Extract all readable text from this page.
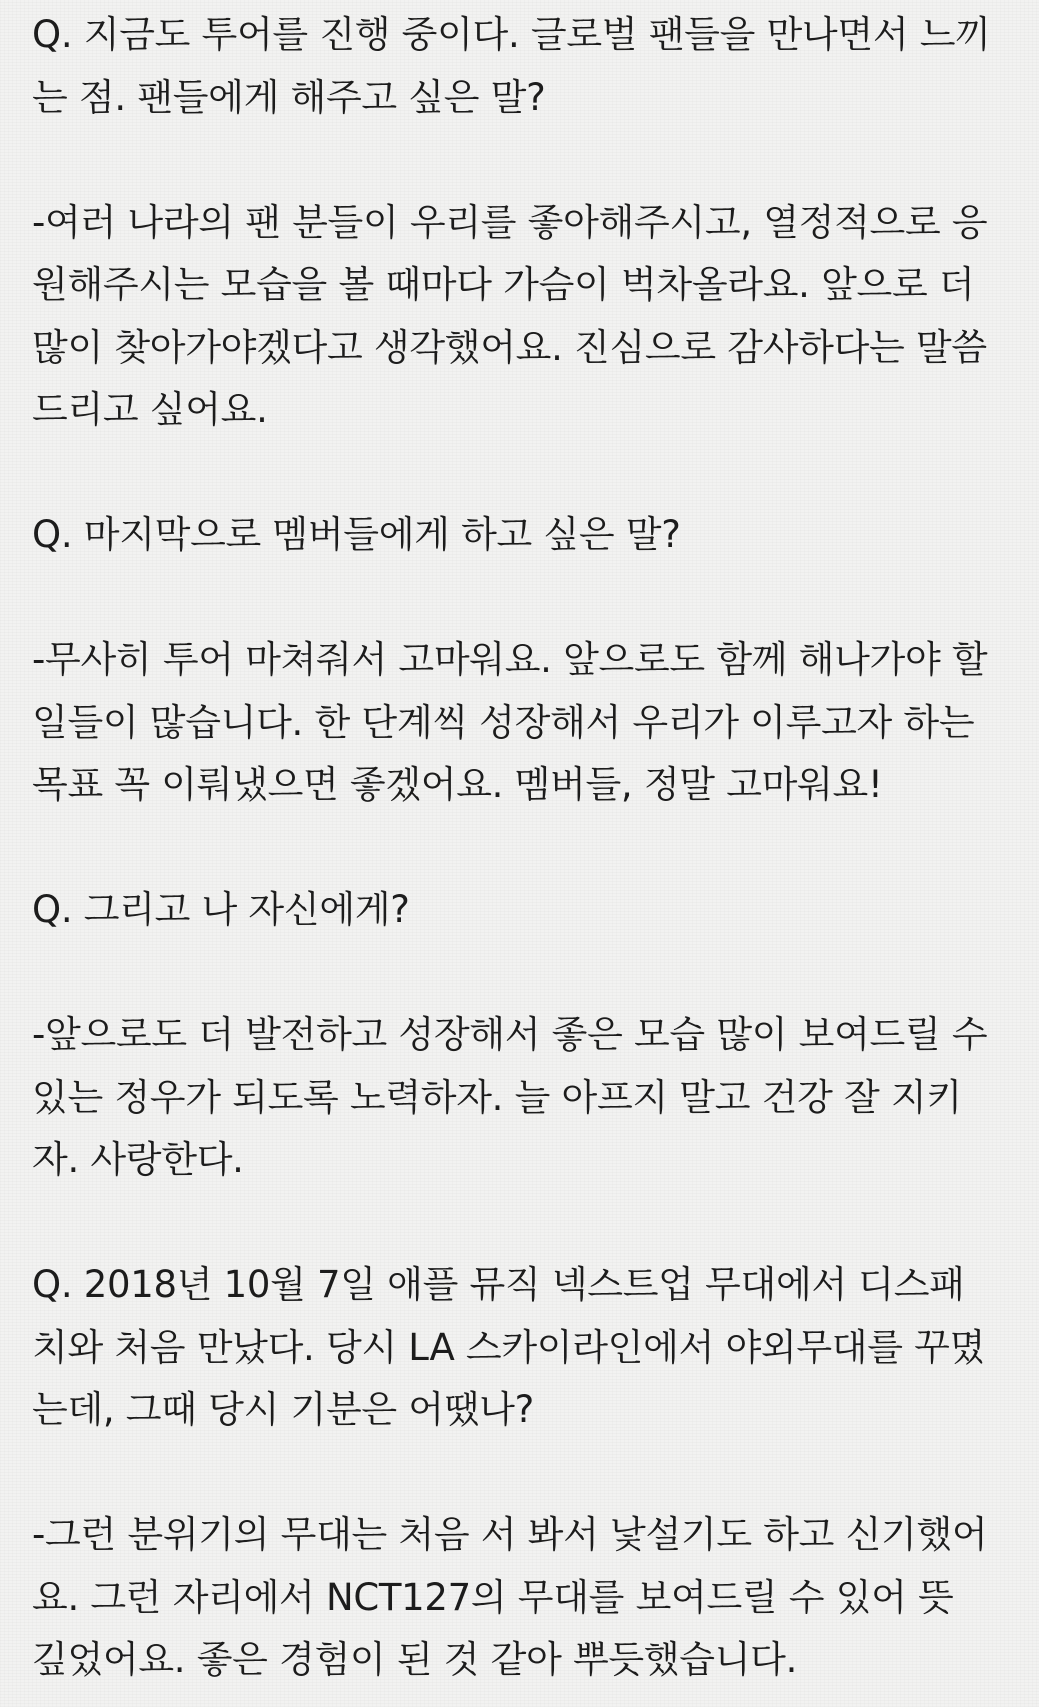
Q. 지금도 투어를 진행 중이다. 글로벌 팬들을 만나면서 느끼
는 점. 팬들에게 해주고 싶은 말?

-여러 나라의 팬 분들이 우리를 좋아해주시고, 열정적으로 응
원해주시는 모습을 볼 때마다 가슴이 벅차올라요. 앞으로 더
많이 찾아가야겠다고 생각했어요. 진심으로 감사하다는 말씀
드리고 싶어요.

Q. 마지막으로 멤버들에게 하고 싶은 말?

-무사히 투어 마쳐줘서 고마워요. 앞으로도 함께 해나가야 할
일들이 많습니다. 한 단계씩 성장해서 우리가 이루고자 하는
목표 꼭 이뤄냈으면 좋겠어요. 멤버들, 정말 고마워요!

Q. 그리고 나 자신에게?

-앞으로도 더 발전하고 성장해서 좋은 모습 많이 보여드릴 수
있는 정우가 되도록 노력하자. 늘 아프지 말고 건강 잘 지키
자. 사랑한다.

Q. 2018년 10월 7일 애플 뮤직 넥스트업 무대에서 디스패
치와 처음 만났다. 당시 LA 스카이라인에서 야외무대를 꾸몄
는데, 그때 당시 기분은 어땠나?

-그런 분위기의 무대는 처음 서 봐서 낯설기도 하고 신기했어
요. 그런 자리에서 NCT127의 무대를 보여드릴 수 있어 뜻
깊었어요. 좋은 경험이 된 것 같아 뿌듯했습니다.
